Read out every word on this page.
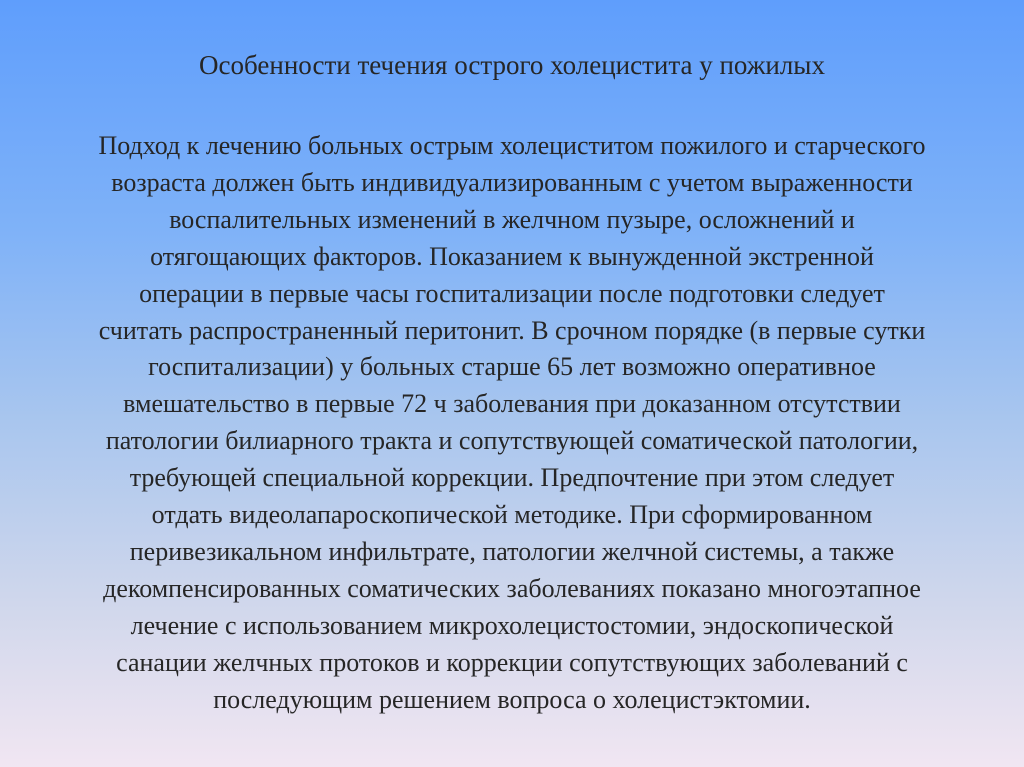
Особенности течения острого холецистита у пожилых
Подход к лечению больных острым холециститом пожилого и старческого
возраста должен быть индивидуализированным с учетом выраженности
воспалительных изменений в желчном пузыре, осложнений и
отягощающих факторов. Показанием к вынужденной экстренной
операции в первые часы госпитализации после подготовки следует
считать распространенный перитонит. В срочном порядке (в первые сутки
госпитализации) у больных старше 65 лет возможно оперативное
вмешательство в первые 72 ч заболевания при доказанном отсутствии
патологии билиарного тракта и сопутствующей соматической патологии,
требующей специальной коррекции. Предпочтение при этом следует
отдать видеолапароскопической методике. При сформированном
перивезикальном инфильтрате, патологии желчной системы, а также
декомпенсированных соматических заболеваниях показано многоэтапное
лечение с использованием микрохолецистостомии, эндоскопической
санации желчных протоков и коррекции сопутствующих заболеваний с
последующим решением вопроса о холецистэктомии.
